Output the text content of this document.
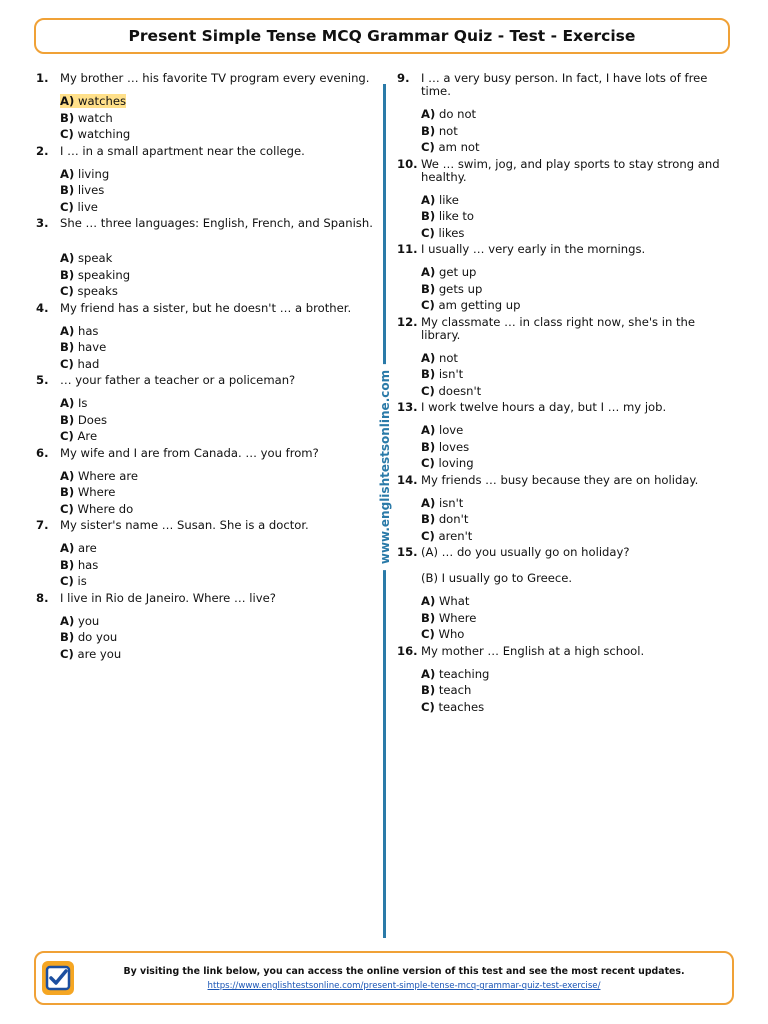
Present Simple Tense MCQ Grammar Quiz - Test - Exercise
www.englishtestsonline.com
1. My brother … his favorite TV program every evening.
A) watches
B) watch
C) watching
2. I … in a small apartment near the college.
A) living
B) lives
C) live
3. She … three languages: English, French, and Spanish.
A) speak
B) speaking
C) speaks
4. My friend has a sister, but he doesn't … a brother.
A) has
B) have
C) had
5. … your father a teacher or a policeman?
A) Is
B) Does
C) Are
6. My wife and I are from Canada. … you from?
A) Where are
B) Where
C) Where do
7. My sister's name … Susan. She is a doctor.
A) are
B) has
C) is
8. I live in Rio de Janeiro. Where … live?
A) you
B) do you
C) are you
9. I … a very busy person. In fact, I have lots of free time.
A) do not
B) not
C) am not
10. We … swim, jog, and play sports to stay strong and healthy.
A) like
B) like to
C) likes
11. I usually … very early in the mornings.
A) get up
B) gets up
C) am getting up
12. My classmate … in class right now, she's in the library.
A) not
B) isn't
C) doesn't
13. I work twelve hours a day, but I … my job.
A) love
B) loves
C) loving
14. My friends … busy because they are on holiday.
A) isn't
B) don't
C) aren't
15. (A) … do you usually go on holiday?
(B) I usually go to Greece.
A) What
B) Where
C) Who
16. My mother … English at a high school.
A) teaching
B) teach
C) teaches
By visiting the link below, you can access the online version of this test and see the most recent updates.
https://www.englishtestsonline.com/present-simple-tense-mcq-grammar-quiz-test-exercise/
